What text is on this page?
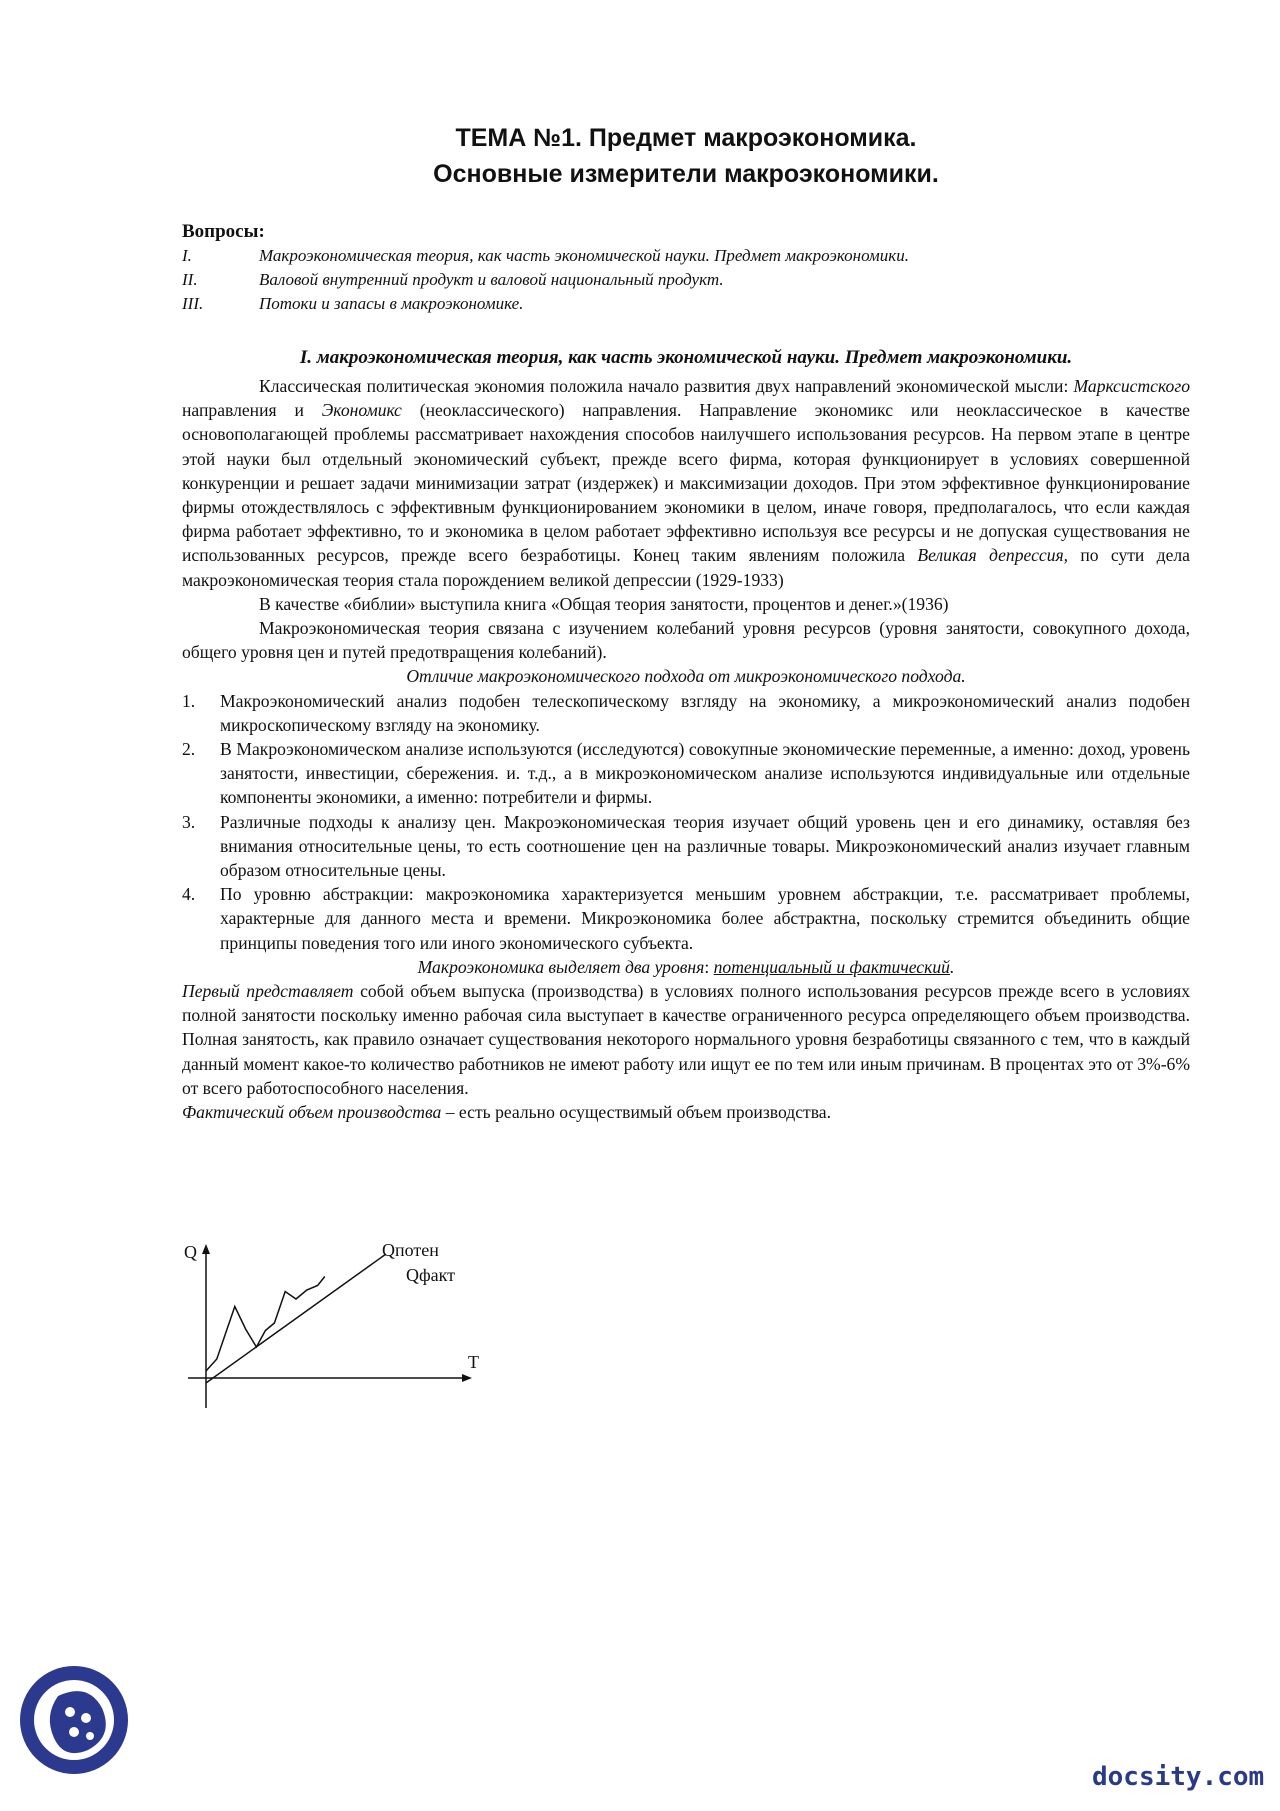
ТЕМА №1. Предмет макроэкономика.
Основные измерители макроэкономики.
Вопросы:
I.	Макроэкономическая теория, как часть экономической науки. Предмет макроэкономики.
II.	Валовой внутренний продукт и валовой национальный продукт.
III.	Потоки и запасы в макроэкономике.
I. макроэкономическая теория, как часть экономической науки. Предмет макроэкономики.

Классическая политическая экономия положила начало развития двух направлений экономической мысли: Марксистского направления и Экономикс (неоклассического) направления. Направление экономикс или неоклассическое в качестве основополагающей проблемы рассматривает нахождения способов наилучшего использования ресурсов. На первом этапе в центре этой науки был отдельный экономический субъект, прежде всего фирма, которая функционирует в условиях совершенной конкуренции и решает задачи минимизации затрат (издержек) и максимизации доходов. При этом эффективное функционирование фирмы отождествлялось с эффективным функционированием экономики в целом, иначе говоря, предполагалось, что если каждая фирма работает эффективно, то и экономика в целом работает эффективно используя все ресурсы и не допуская существования не использованных ресурсов, прежде всего безработицы. Конец таким явлениям положила Великая депрессия, по сути дела макроэкономическая теория стала порождением великой депрессии (1929-1933)

В качестве «библии» выступила книга «Общая теория занятости, процентов и денег.»(1936)

Макроэкономическая теория связана с изучением колебаний уровня ресурсов (уровня занятости, совокупного дохода, общего уровня цен и путей предотвращения колебаний).

Отличие макроэкономического подхода от микроэкономического подхода.

1.	Макроэкономический анализ подобен телескопическому взгляду на экономику, а микроэкономический анализ подобен микроскопическому взгляду на экономику.
2.	В Макроэкономическом анализе используются (исследуются) совокупные экономические переменные, а именно: доход, уровень занятости, инвестиции, сбережения. и. т.д., а в микроэкономическом анализе используются индивидуальные или отдельные компоненты экономики, а именно: потребители и фирмы.
3.	Различные подходы к анализу цен. Макроэкономическая теория изучает общий уровень цен и его динамику, оставляя без внимания относительные цены, то есть соотношение цен на различные товары. Микроэкономический анализ изучает главным образом относительные цены.
4.	По уровню абстракции: макроэкономика характеризуется меньшим уровнем абстракции, т.е. рассматривает проблемы, характерные для данного места и времени. Микроэкономика более абстрактна, поскольку стремится объединить общие принципы поведения того или иного экономического субъекта.

Макроэкономика выделяет два уровня: потенциальный и фактический.

Первый представляет собой объем выпуска (производства) в условиях полного использования ресурсов прежде всего в условиях полной занятости поскольку именно рабочая сила выступает в качестве ограниченного ресурса определяющего объем производства. Полная занятость, как правило означает существования некоторого нормального уровня безработицы связанного с тем, что в каждый данный момент какое-то количество работников не имеют работу или ищут ее по тем или иным причинам. В процентах это от 3%-6% от всего работоспособного населения.

Фактический объем производства – есть реально осуществимый объем производства.

Q
T
Qпотен
Qфакт
docsity.com
